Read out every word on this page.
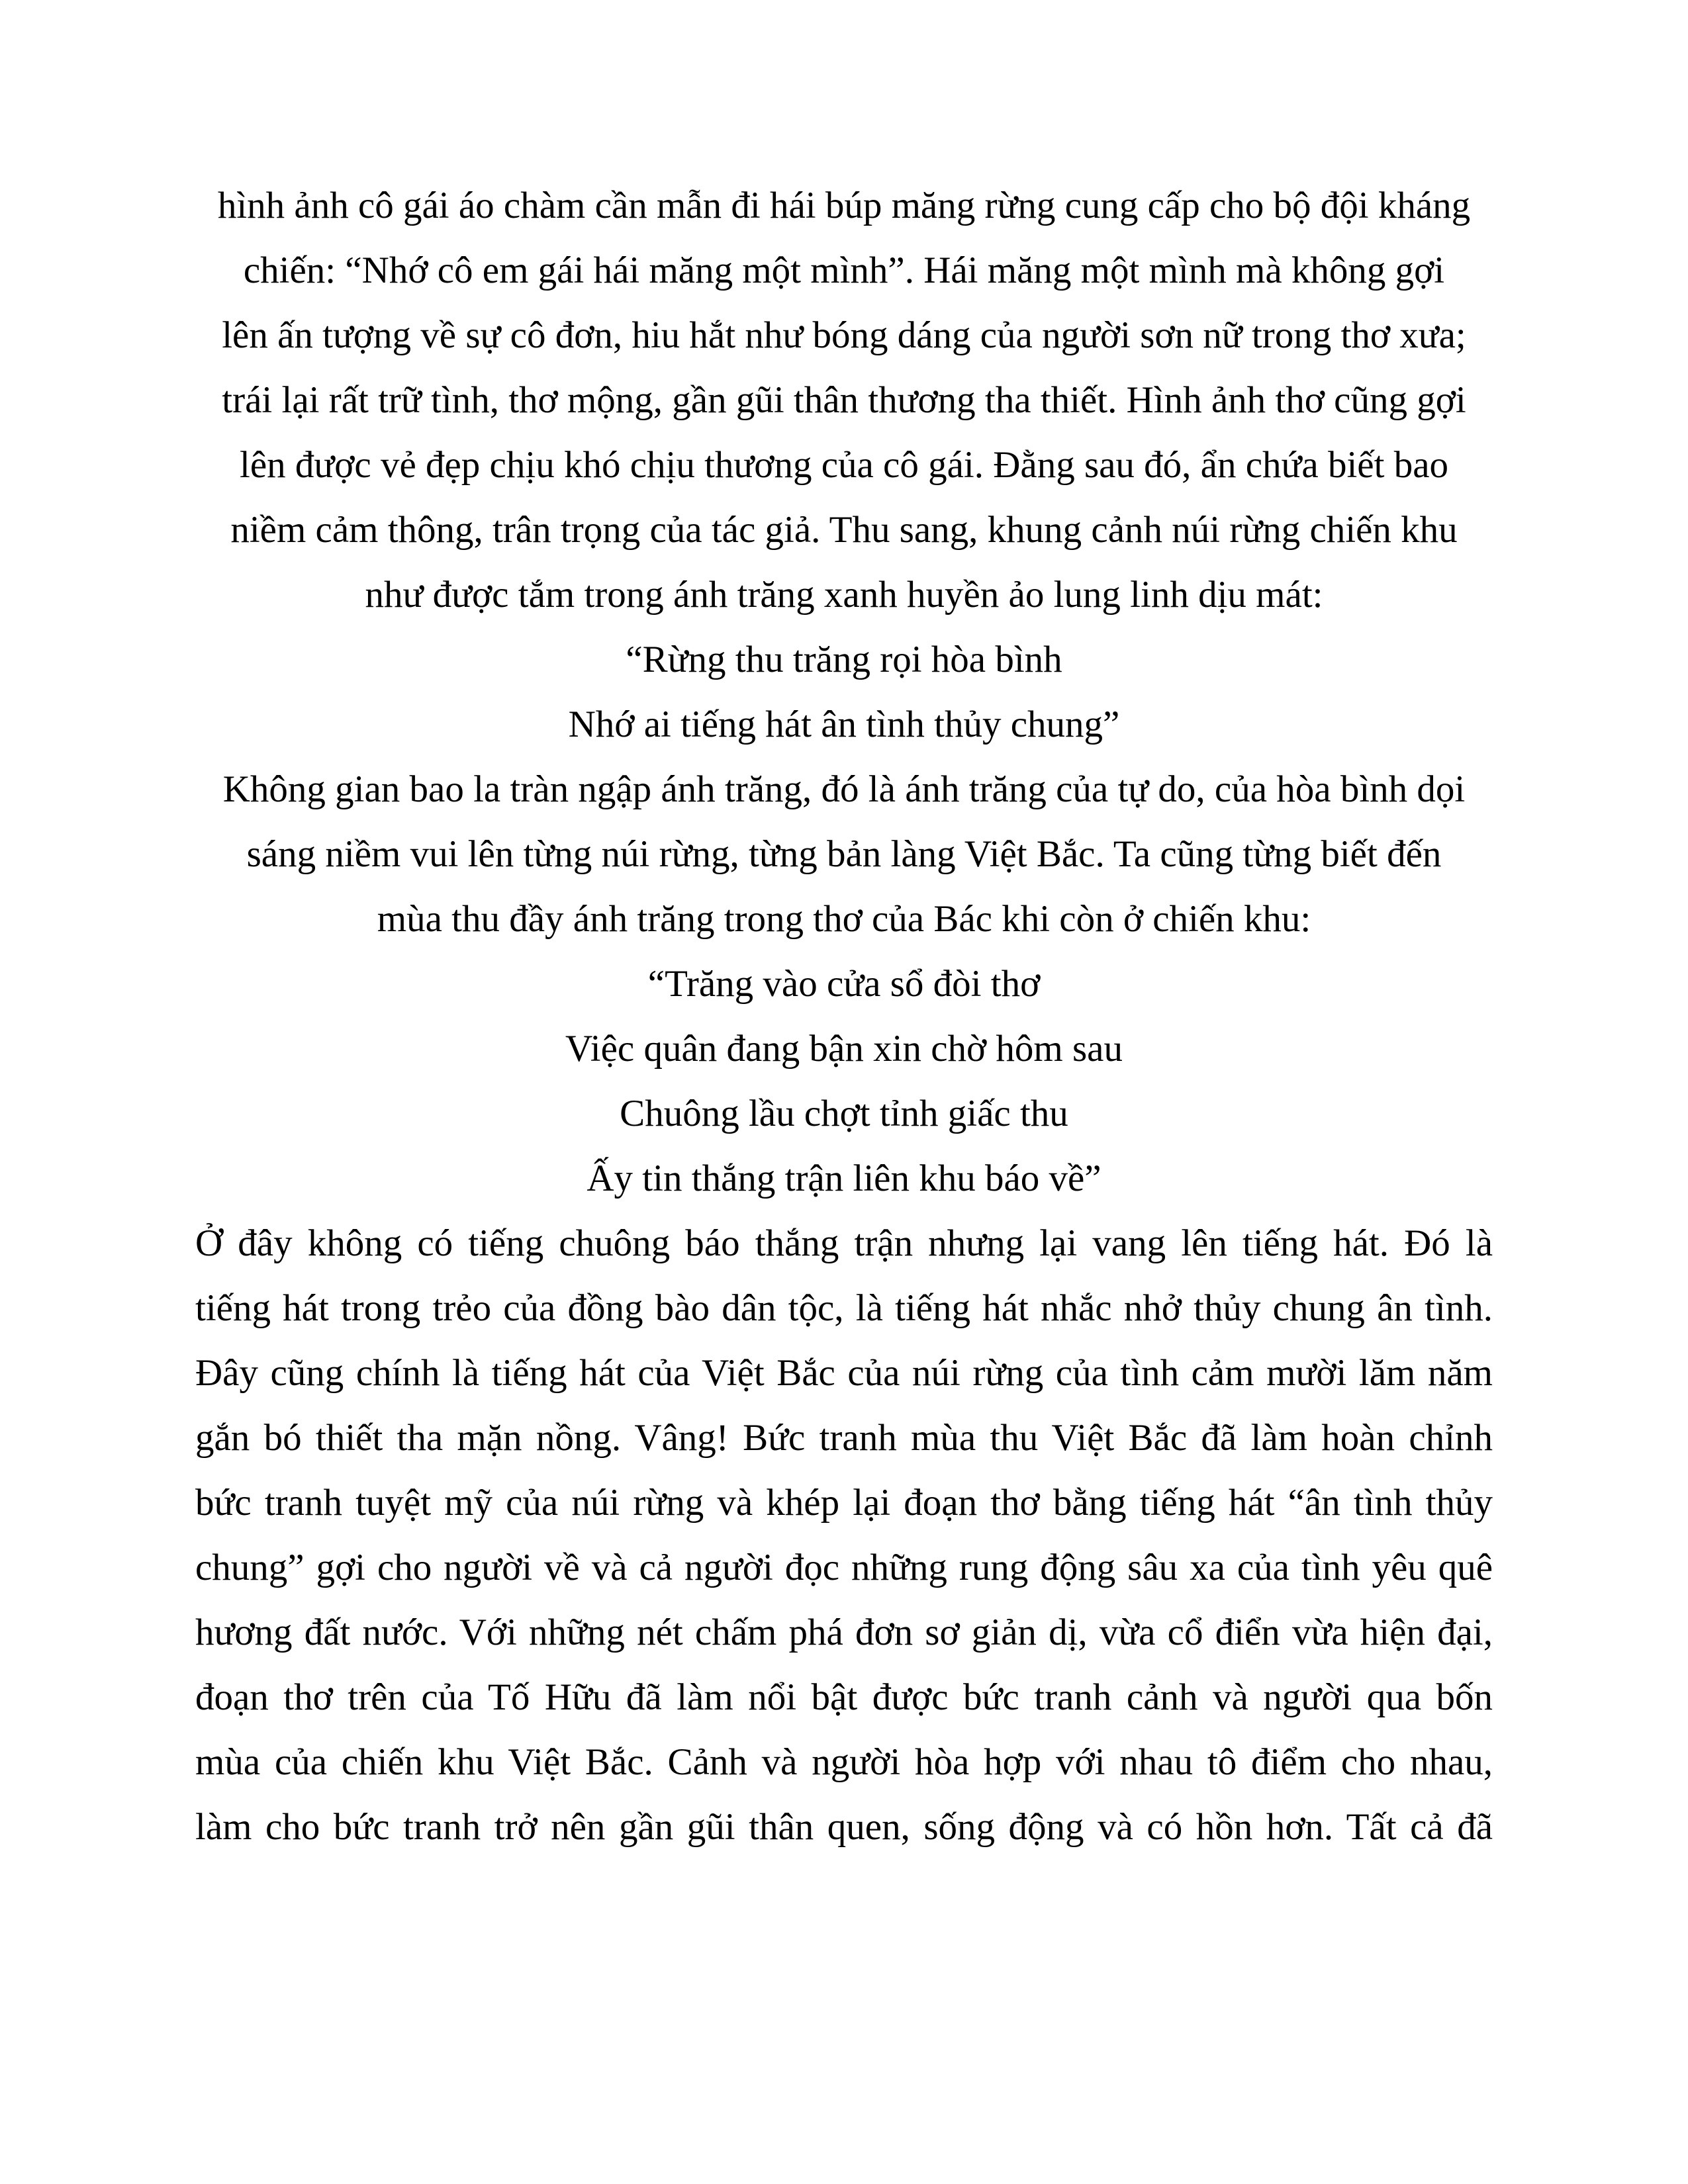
hình ảnh cô gái áo chàm cần mẫn đi hái búp măng rừng cung cấp cho bộ đội kháng
chiến: “Nhớ cô em gái hái măng một mình”. Hái măng một mình mà không gợi
lên ấn tượng về sự cô đơn, hiu hắt như bóng dáng của người sơn nữ trong thơ xưa;
trái lại rất trữ tình, thơ mộng, gần gũi thân thương tha thiết. Hình ảnh thơ cũng gợi
lên được vẻ đẹp chịu khó chịu thương của cô gái. Đằng sau đó, ẩn chứa biết bao
niềm cảm thông, trân trọng của tác giả. Thu sang, khung cảnh núi rừng chiến khu
như được tắm trong ánh trăng xanh huyền ảo lung linh dịu mát:
“Rừng thu trăng rọi hòa bình
Nhớ ai tiếng hát ân tình thủy chung”
Không gian bao la tràn ngập ánh trăng, đó là ánh trăng của tự do, của hòa bình dọi
sáng niềm vui lên từng núi rừng, từng bản làng Việt Bắc. Ta cũng từng biết đến
mùa thu đầy ánh trăng trong thơ của Bác khi còn ở chiến khu:
“Trăng vào cửa sổ đòi thơ
Việc quân đang bận xin chờ hôm sau
Chuông lầu chợt tỉnh giấc thu
Ấy tin thắng trận liên khu báo về”
Ở đây không có tiếng chuông báo thắng trận nhưng lại vang lên tiếng hát. Đó là
tiếng hát trong trẻo của đồng bào dân tộc, là tiếng hát nhắc nhở thủy chung ân tình.
Đây cũng chính là tiếng hát của Việt Bắc của núi rừng của tình cảm mười lăm năm
gắn bó thiết tha mặn nồng. Vâng! Bức tranh mùa thu Việt Bắc đã làm hoàn chỉnh
bức tranh tuyệt mỹ của núi rừng và khép lại đoạn thơ bằng tiếng hát “ân tình thủy
chung” gợi cho người về và cả người đọc những rung động sâu xa của tình yêu quê
hương đất nước. Với những nét chấm phá đơn sơ giản dị, vừa cổ điển vừa hiện đại,
đoạn thơ trên của Tố Hữu đã làm nổi bật được bức tranh cảnh và người qua bốn
mùa của chiến khu Việt Bắc. Cảnh và người hòa hợp với nhau tô điểm cho nhau,
làm cho bức tranh trở nên gần gũi thân quen, sống động và có hồn hơn. Tất cả đã
